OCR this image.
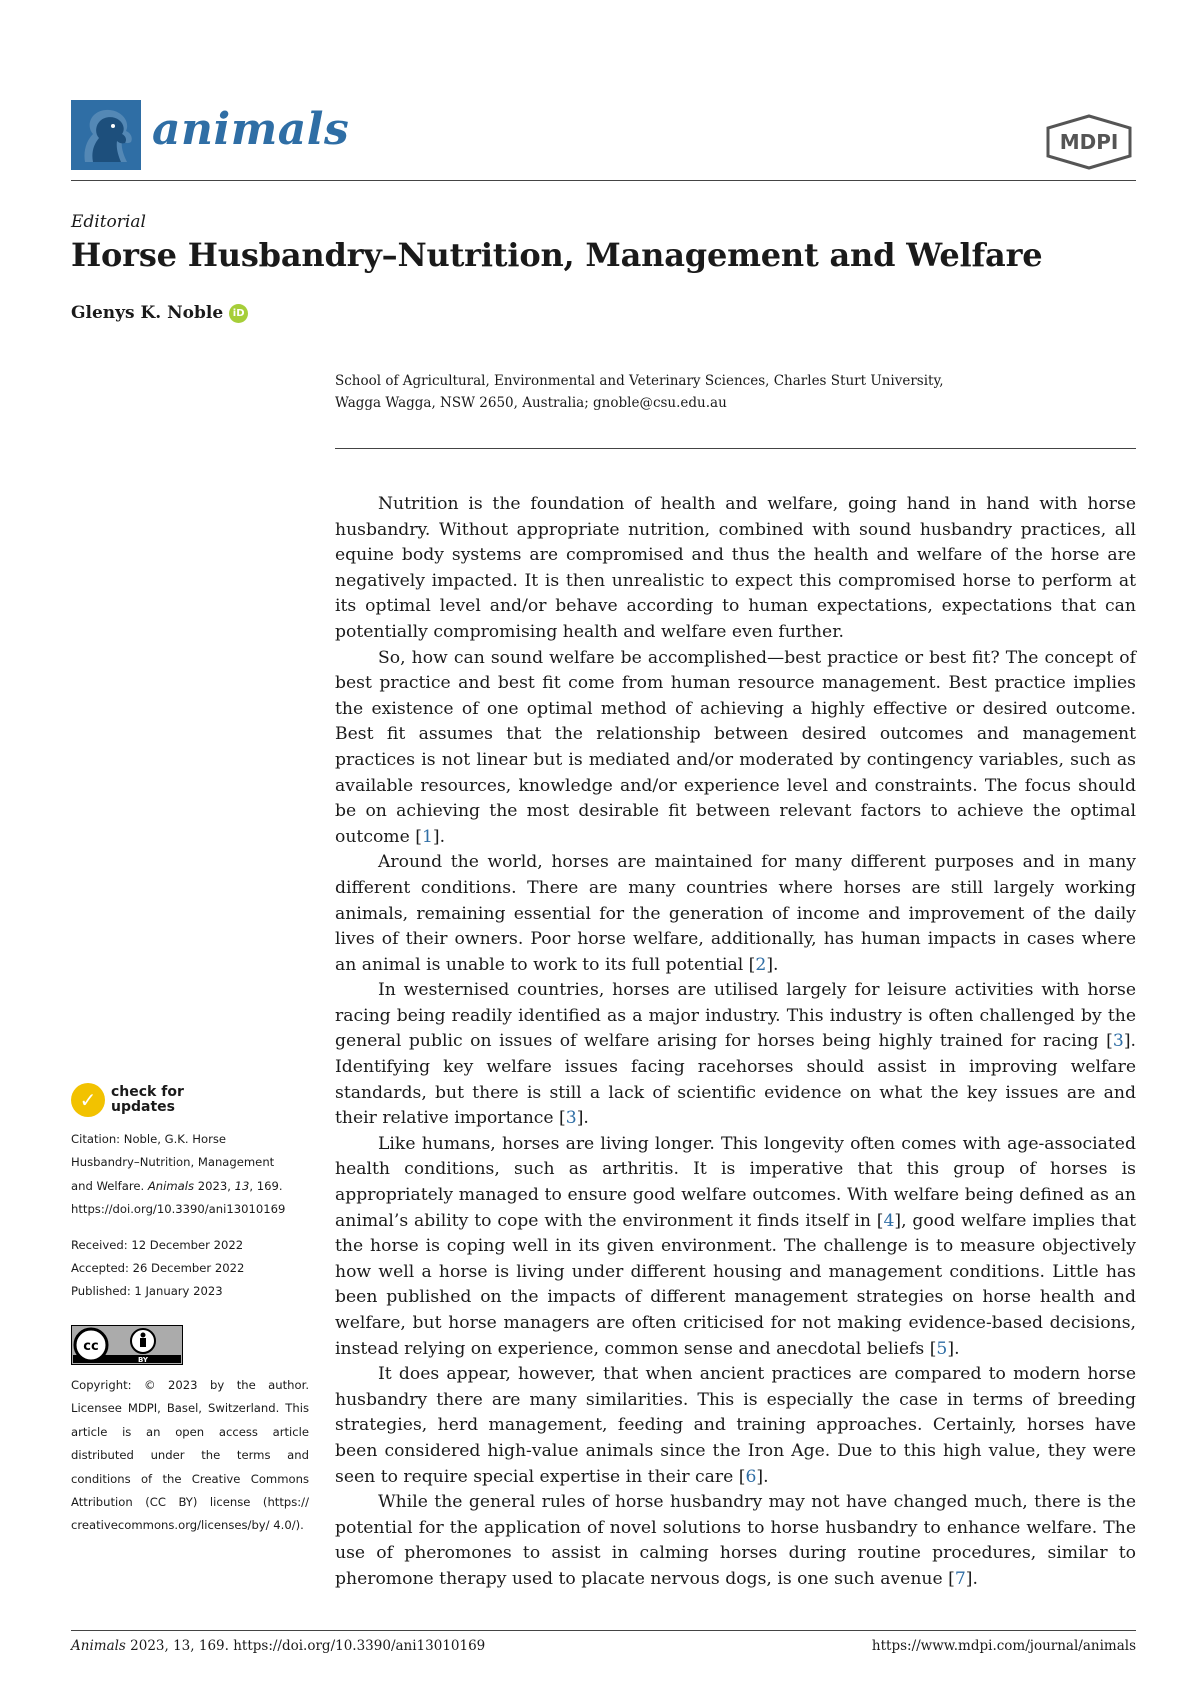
animals	MDPI
Editorial
Horse Husbandry–Nutrition, Management and Welfare
Glenys K. Noble iD
School of Agricultural, Environmental and Veterinary Sciences, Charles Sturt University,
Wagga Wagga, NSW 2650, Australia; gnoble@csu.edu.au

Nutrition is the foundation of health and welfare, going hand in hand with horse husbandry. Without appropriate nutrition, combined with sound husbandry practices, all equine body systems are compromised and thus the health and welfare of the horse are negatively impacted. It is then unrealistic to expect this compromised horse to perform at its optimal level and/or behave according to human expectations, expectations that can potentially compromising health and welfare even further.

So, how can sound welfare be accomplished—best practice or best fit? The concept of best practice and best fit come from human resource management. Best practice implies the existence of one optimal method of achieving a highly effective or desired outcome. Best fit assumes that the relationship between desired outcomes and management practices is not linear but is mediated and/or moderated by contingency variables, such as available resources, knowledge and/or experience level and constraints. The focus should be on achieving the most desirable fit between relevant factors to achieve the optimal outcome [1].

Around the world, horses are maintained for many different purposes and in many different conditions. There are many countries where horses are still largely working animals, remaining essential for the generation of income and improvement of the daily lives of their owners. Poor horse welfare, additionally, has human impacts in cases where an animal is unable to work to its full potential [2].

In westernised countries, horses are utilised largely for leisure activities with horse racing being readily identified as a major industry. This industry is often challenged by the general public on issues of welfare arising for horses being highly trained for racing [3]. Identifying key welfare issues facing racehorses should assist in improving welfare standards, but there is still a lack of scientific evidence on what the key issues are and their relative importance [3].

Like humans, horses are living longer. This longevity often comes with age-associated health conditions, such as arthritis. It is imperative that this group of horses is appropriately managed to ensure good welfare outcomes. With welfare being defined as an animal’s ability to cope with the environment it finds itself in [4], good welfare implies that the horse is coping well in its given environment. The challenge is to measure objectively how well a horse is living under different housing and management conditions. Little has been published on the impacts of different management strategies on horse health and welfare, but horse managers are often criticised for not making evidence-based decisions, instead relying on experience, common sense and anecdotal beliefs [5].

It does appear, however, that when ancient practices are compared to modern horse husbandry there are many similarities. This is especially the case in terms of breeding strategies, herd management, feeding and training approaches. Certainly, horses have been considered high-value animals since the Iron Age. Due to this high value, they were seen to require special expertise in their care [6].

While the general rules of horse husbandry may not have changed much, there is the potential for the application of novel solutions to horse husbandry to enhance welfare. The use of pheromones to assist in calming horses during routine procedures, similar to pheromone therapy used to placate nervous dogs, is one such avenue [7].

✓	check for
updates
Citation: Noble, G.K. Horse
Husbandry–Nutrition, Management
and Welfare. Animals 2023, 13, 169.
https://doi.org/10.3390/ani13010169
Received: 12 December 2022
Accepted: 26 December 2022
Published: 1 January 2023
cc
BY
Copyright: © 2023 by the author. Licensee MDPI, Basel, Switzerland. This article is an open access article distributed under the terms and conditions of the Creative Commons Attribution (CC BY) license (https:// creativecommons.org/licenses/by/ 4.0/).
Animals 2023, 13, 169. https://doi.org/10.3390/ani13010169	https://www.mdpi.com/journal/animals
